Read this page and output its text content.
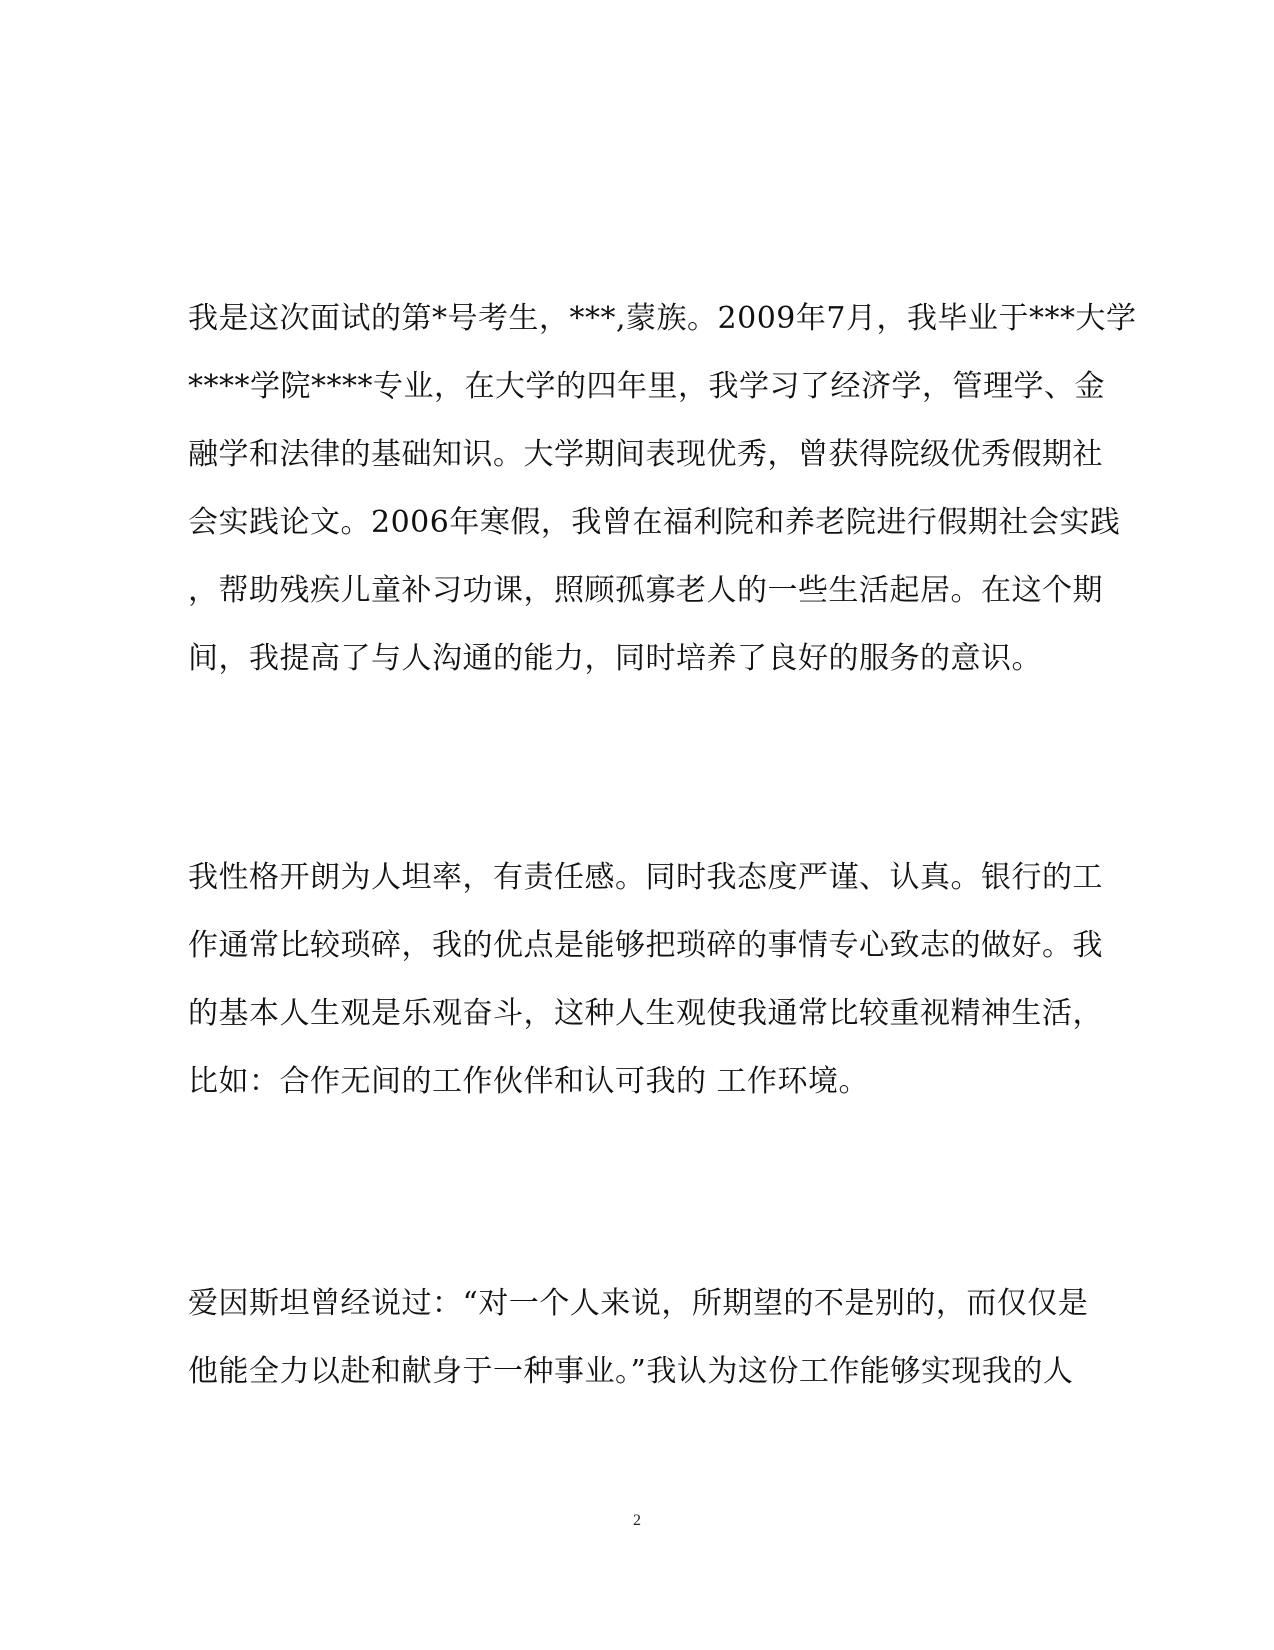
我是这次面试的第*号考生，***,蒙族。2009年7月，我毕业于***大学
****学院****专业，在大学的四年里，我学习了经济学，管理学、金
融学和法律的基础知识。大学期间表现优秀，曾获得院级优秀假期社
会实践论文。2006年寒假，我曾在福利院和养老院进行假期社会实践
，帮助残疾儿童补习功课，照顾孤寡老人的一些生活起居。在这个期
间，我提高了与人沟通的能力，同时培养了良好的服务的意识。
我性格开朗为人坦率，有责任感。同时我态度严谨、认真。银行的工
作通常比较琐碎，我的优点是能够把琐碎的事情专心致志的做好。我
的基本人生观是乐观奋斗，这种人生观使我通常比较重视精神生活，
比如：合作无间的工作伙伴和认可我的 工作环境。
爱因斯坦曾经说过：“对一个人来说，所期望的不是别的，而仅仅是
他能全力以赴和献身于一种事业。”我认为这份工作能够实现我的人
2
